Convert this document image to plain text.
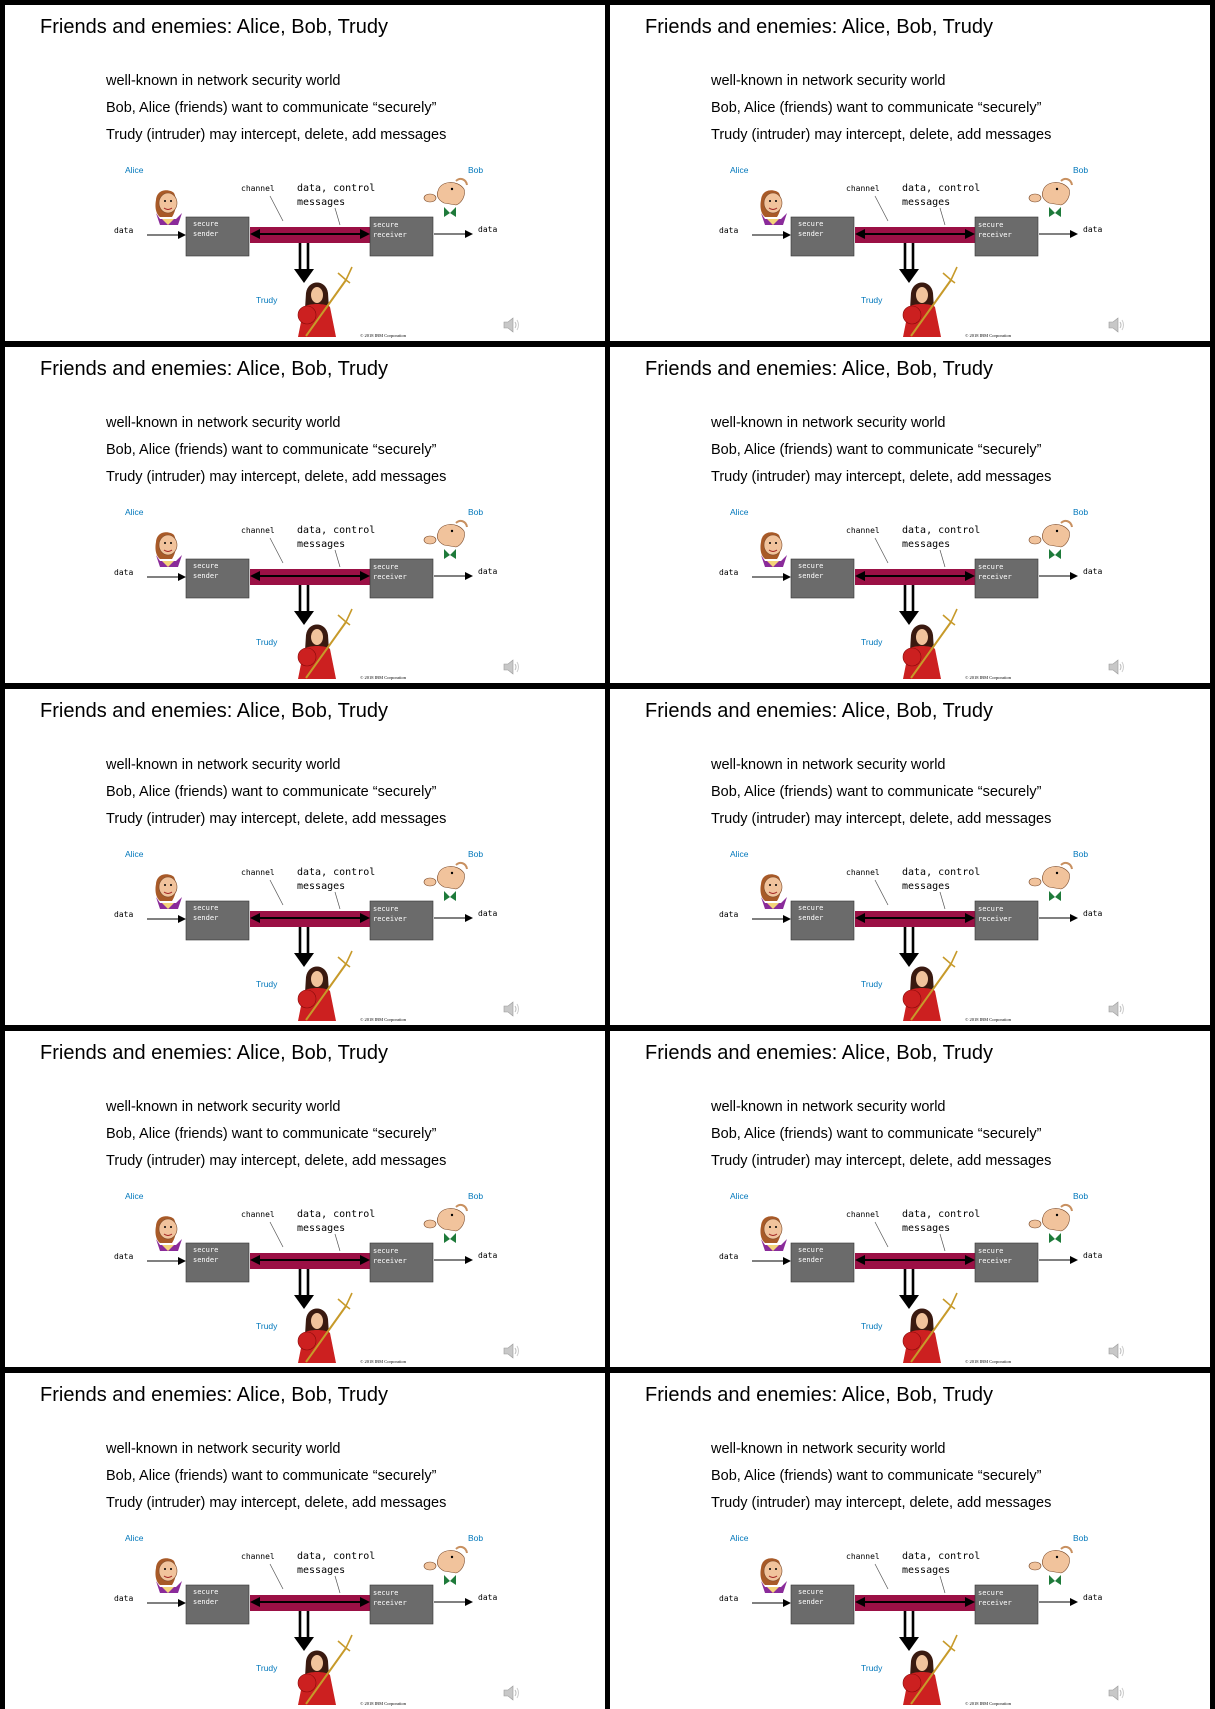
Friends and enemies: Alice, Bob, Trudy
well-known in network security world
Bob, Alice (friends) want to communicate “securely”
Trudy (intruder) may intercept, delete, add messages
Alice	Bob
Trudy
channel data, control
messages
data	data
secure
sender
secure
receiver
© 2018 IBM Corporation
Friends and enemies: Alice, Bob, Trudy
well-known in network security world
Bob, Alice (friends) want to communicate “securely”
Trudy (intruder) may intercept, delete, add messages
Alice	Bob
Trudy
channel data, control
messages
data	data
secure
sender
secure
receiver
© 2018 IBM Corporation
Friends and enemies: Alice, Bob, Trudy
well-known in network security world
Bob, Alice (friends) want to communicate “securely”
Trudy (intruder) may intercept, delete, add messages
Alice	Bob
Trudy
channel data, control
messages
data	data
secure
sender
secure
receiver
© 2018 IBM Corporation
Friends and enemies: Alice, Bob, Trudy
well-known in network security world
Bob, Alice (friends) want to communicate “securely”
Trudy (intruder) may intercept, delete, add messages
Alice	Bob
Trudy
channel data, control
messages
data	data
secure
sender
secure
receiver
© 2018 IBM Corporation
Friends and enemies: Alice, Bob, Trudy
well-known in network security world
Bob, Alice (friends) want to communicate “securely”
Trudy (intruder) may intercept, delete, add messages
Alice	Bob
Trudy
channel data, control
messages
data	data
secure
sender
secure
receiver
© 2018 IBM Corporation
Friends and enemies: Alice, Bob, Trudy
well-known in network security world
Bob, Alice (friends) want to communicate “securely”
Trudy (intruder) may intercept, delete, add messages
Alice	Bob
Trudy
channel data, control
messages
data	data
secure
sender
secure
receiver
© 2018 IBM Corporation
Friends and enemies: Alice, Bob, Trudy
well-known in network security world
Bob, Alice (friends) want to communicate “securely”
Trudy (intruder) may intercept, delete, add messages
Alice	Bob
Trudy
channel data, control
messages
data	data
secure
sender
secure
receiver
© 2018 IBM Corporation
Friends and enemies: Alice, Bob, Trudy
well-known in network security world
Bob, Alice (friends) want to communicate “securely”
Trudy (intruder) may intercept, delete, add messages
Alice	Bob
Trudy
channel data, control
messages
data	data
secure
sender
secure
receiver
© 2018 IBM Corporation
Friends and enemies: Alice, Bob, Trudy
well-known in network security world
Bob, Alice (friends) want to communicate “securely”
Trudy (intruder) may intercept, delete, add messages
Alice	Bob
Trudy
channel data, control
messages
data	data
secure
sender
secure
receiver
© 2018 IBM Corporation
Friends and enemies: Alice, Bob, Trudy
well-known in network security world
Bob, Alice (friends) want to communicate “securely”
Trudy (intruder) may intercept, delete, add messages
Alice	Bob
Trudy
channel data, control
messages
data	data
secure
sender
secure
receiver
© 2018 IBM Corporation
